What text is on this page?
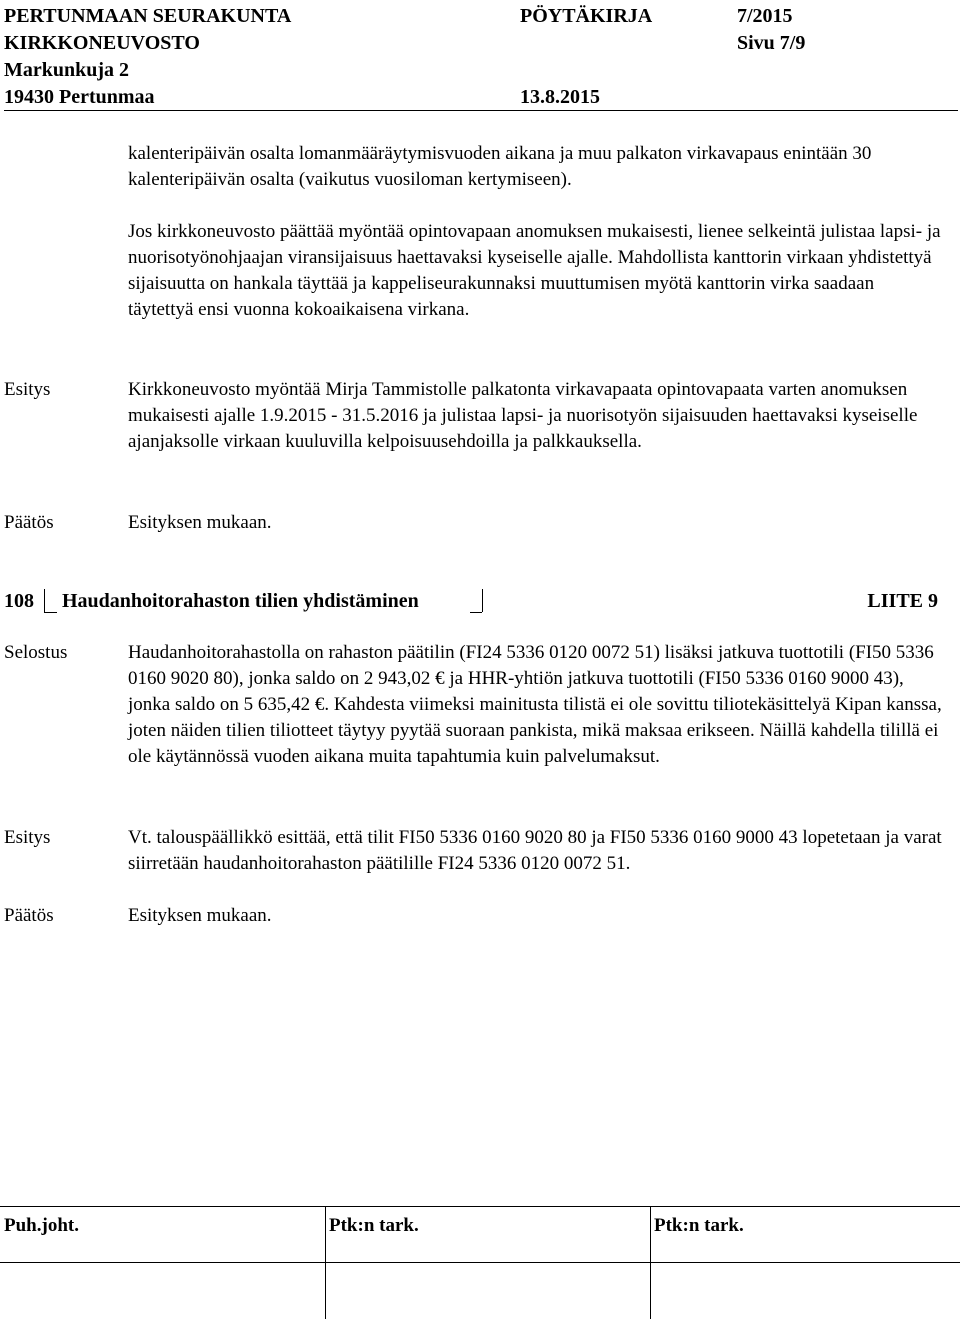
PERTUNMAAN SEURAKUNTA
KIRKKONEUVOSTO
Markunkuja 2
19430 Pertunmaa
PÖYTÄKIRJA	7/2015
Sivu 7/9
13.8.2015
kalenteripäivän osalta lomanmääräytymisvuoden aikana ja muu palkaton virkavapaus enintään 30 kalenteripäivän osalta (vaikutus vuosiloman kertymiseen).
Jos kirkkoneuvosto päättää myöntää opintovapaan anomuksen mukaisesti, lienee selkeintä julistaa lapsi- ja nuorisotyönohjaajan viransijaisuus haettavaksi kyseiselle ajalle. Mahdollista kanttorin virkaan yhdistettyä sijaisuutta on hankala täyttää ja kappeliseurakunnaksi muuttumisen myötä kanttorin virka saadaan täytettyä ensi vuonna kokoaikaisena virkana.
Esitys	Kirkkoneuvosto myöntää Mirja Tammistolle palkatonta virkavapaata opintovapaata varten anomuksen mukaisesti ajalle 1.9.2015 - 31.5.2016 ja julistaa lapsi- ja nuorisotyön sijaisuuden haettavaksi kyseiselle ajanjaksolle virkaan kuuluvilla kelpoisuusehdoilla ja palkkauksella.
Päätös	Esityksen mukaan.
108 Haudanhoitorahaston tilien yhdistäminen	LIITE 9
Selostus	Haudanhoitorahastolla on rahaston päätilin (FI24 5336 0120 0072 51) lisäksi jatkuva tuottotili (FI50 5336 0160 9020 80), jonka saldo on 2 943,02 € ja HHR-yhtiön jatkuva tuottotili (FI50 5336 0160 9000 43), jonka saldo on 5 635,42 €. Kahdesta viimeksi mainitusta tilistä ei ole sovittu tiliotekäsittelyä Kipan kanssa, joten näiden tilien tiliotteet täytyy pyytää suoraan pankista, mikä maksaa erikseen. Näillä kahdella tilillä ei ole käytännössä vuoden aikana muita tapahtumia kuin palvelumaksut.
Esitys	Vt. talouspäällikkö esittää, että tilit FI50 5336 0160 9020 80 ja FI50 5336 0160 9000 43 lopetetaan ja varat siirretään haudanhoitorahaston päätilille FI24 5336 0120 0072 51.
Päätös	Esityksen mukaan.
Puh.joht.	Ptk:n tark.	Ptk:n tark.
